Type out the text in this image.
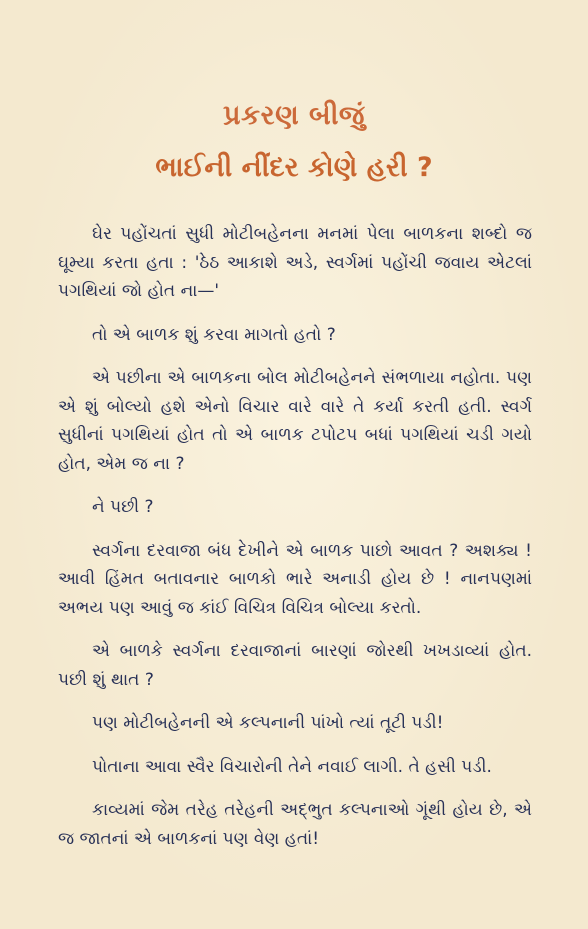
પ્રકરણ બીજું
ભાઈની નીંદર કોણે હરી ?

ઘેર પહોંચતાં સુધી મોટીબહેનના મનમાં પેલા બાળકના શબ્દો જ ઘૂમ્યા કરતા હતા : 'ઠેઠ આકાશે અડે, સ્વર્ગમાં પહોંચી જવાય એટલાં પગથિયાં જો હોત ના—'

તો એ બાળક શું કરવા માગતો હતો ?

એ પછીના એ બાળકના બોલ મોટીબહેનને સંભળાયા નહોતા. પણ એ શું બોલ્યો હશે એનો વિચાર વારે વારે તે કર્યા કરતી હતી. સ્વર્ગ સુધીનાં પગથિયાં હોત તો એ બાળક ટપોટપ બધાં પગથિયાં ચડી ગયો હોત, એમ જ ના ?

ને પછી ?

સ્વર્ગના દરવાજા બંધ દેખીને એ બાળક પાછો આવત ? અશક્ય ! આવી હિંમત બતાવનાર બાળકો ભારે અનાડી હોય છે ! નાનપણમાં અભય પણ આવું જ કાંઈ વિચિત્ર વિચિત્ર બોલ્યા કરતો.

એ બાળકે સ્વર્ગના દરવાજાનાં બારણાં જોરથી ખખડાવ્યાં હોત. પછી શું થાત ?

પણ મોટીબહેનની એ કલ્પનાની પાંખો ત્યાં તૂટી પડી!

પોતાના આવા સ્વૈર વિચારોની તેને નવાઈ લાગી. તે હસી પડી.

કાવ્યમાં જેમ તરેહ તરેહની અદ્ભુત કલ્પનાઓ ગૂંથી હોય છે, એ જ જાતનાં એ બાળકનાં પણ વેણ હતાં!
